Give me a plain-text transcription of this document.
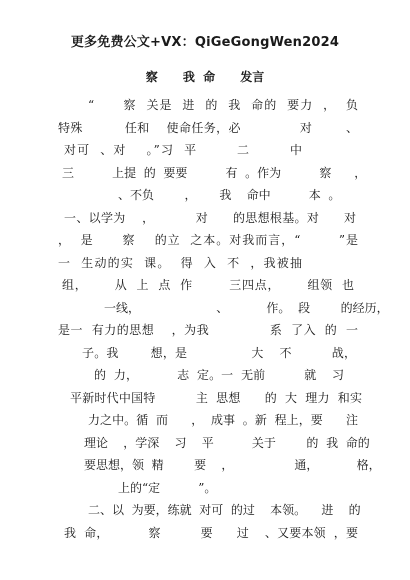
更多免费公文+VX：QiGeGongWen2024
察      我  命      发言
“      察  关是  进  的  我  命的  要力  ，  负
特殊          任和    使命任务，必              对        、
对可  、对    。”习  平        二        中
三          上提  的  要要          有  。作为          察      ，
、不负        ，      我    命中          本  。
一、以学为    ，          对      的思想根基。对      对
，  是      察    的立  之本。对我而言，“        ”是
一  生动的实  课。  得  入  不  ，我被抽
组，      从  上  点  作        三四点，      组领  也
一线，                    、          作。  段        的经历，
是一  有力的思想    ，为我              系  了入  的  一
子。我        想，是                大    不          战，
的  力，          志  定。一  无前          就    习
平新时代中国特          主  思想      的  大  理力  和实
力之中。循  而      ，  成事  。新  程上，要      注
理论    ，学深    习    平          关于        的  我  命的
要思想，领  精        要    ，                通，          格，
上的“定          ”。
二、以  为要，练就  对可  的过    本领。    进    的
我  命，          察          要      过    、又要本领  ，要
